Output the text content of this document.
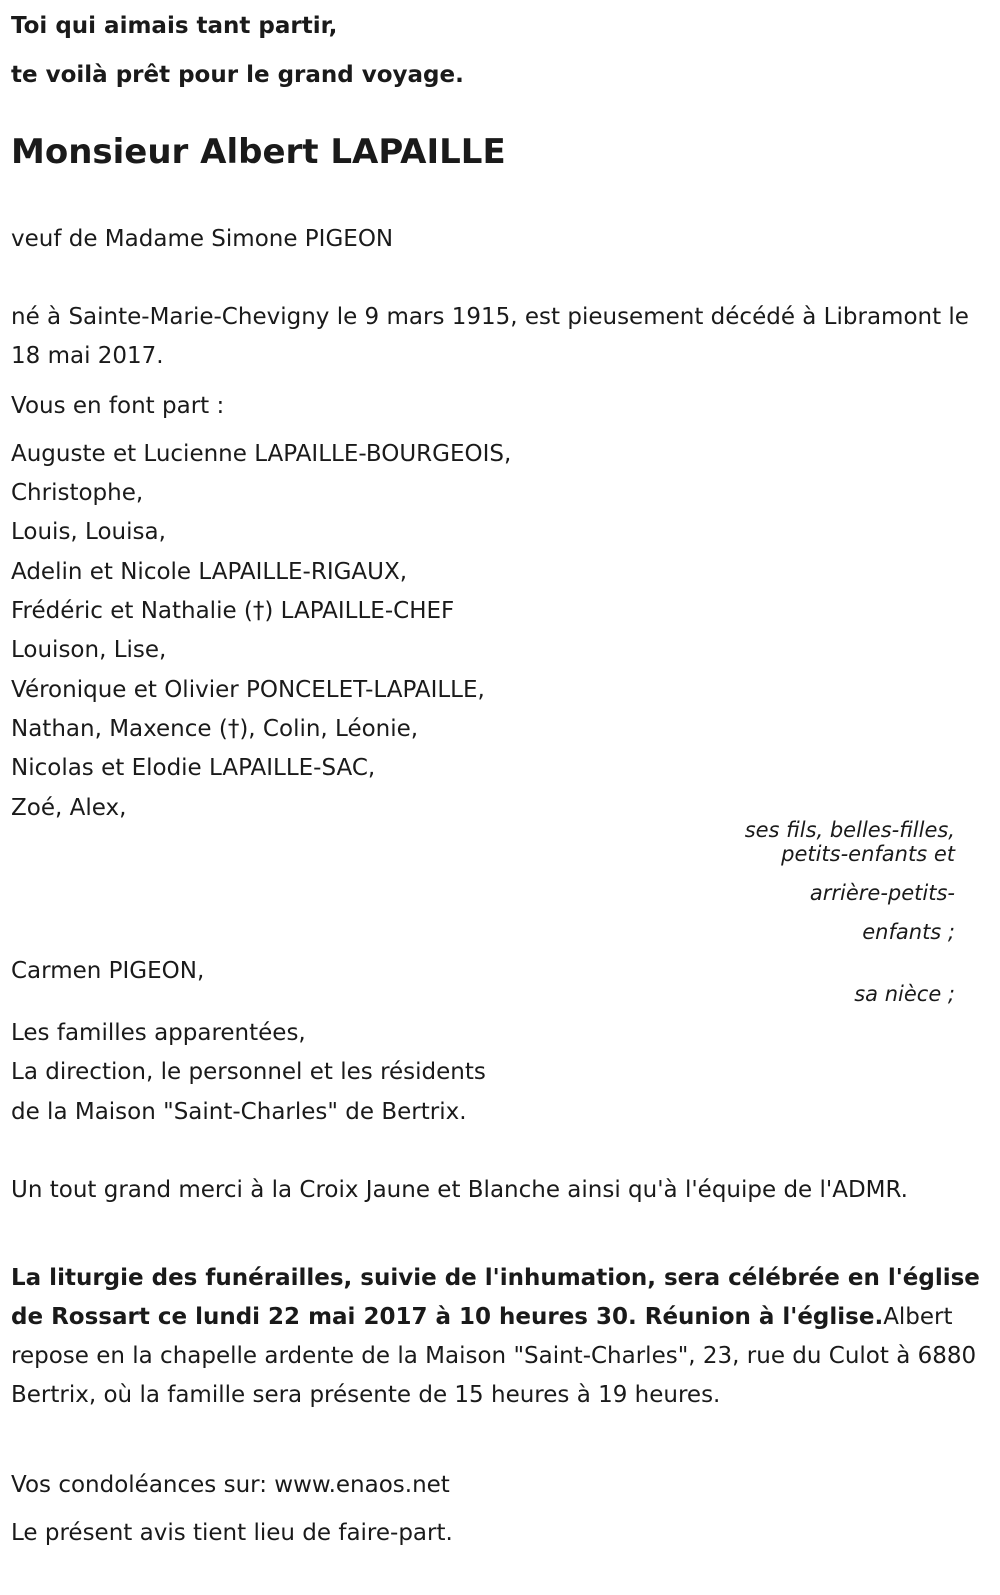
Toi qui aimais tant partir,
te voilà prêt pour le grand voyage.
Monsieur Albert LAPAILLE
veuf de Madame Simone PIGEON
né à Sainte-Marie-Chevigny le 9 mars 1915, est pieusement décédé à Libramont le 18 mai 2017.
Vous en font part :
Auguste et Lucienne LAPAILLE-BOURGEOIS,
Christophe,
Louis, Louisa,
Adelin et Nicole LAPAILLE-RIGAUX,
Frédéric et Nathalie (†) LAPAILLE-CHEF
Louison, Lise,
Véronique et Olivier PONCELET-LAPAILLE,
Nathan, Maxence (†), Colin, Léonie,
Nicolas et Elodie LAPAILLE-SAC,
Zoé, Alex,
ses fils, belles-filles,
petits-enfants et
arrière-petits-
enfants ;
Carmen PIGEON,
sa nièce ;
Les familles apparentées,
La direction, le personnel et les résidents
de la Maison "Saint-Charles" de Bertrix.
Un tout grand merci à la Croix Jaune et Blanche ainsi qu'à l'équipe de l'ADMR.
La liturgie des funérailles, suivie de l'inhumation, sera célébrée en l'église de Rossart ce lundi 22 mai 2017 à 10 heures 30. Réunion à l'église.Albert repose en la chapelle ardente de la Maison "Saint-Charles", 23, rue du Culot à 6880 Bertrix, où la famille sera présente de 15 heures à 19 heures.
Vos condoléances sur: www.enaos.net
Le présent avis tient lieu de faire-part.
